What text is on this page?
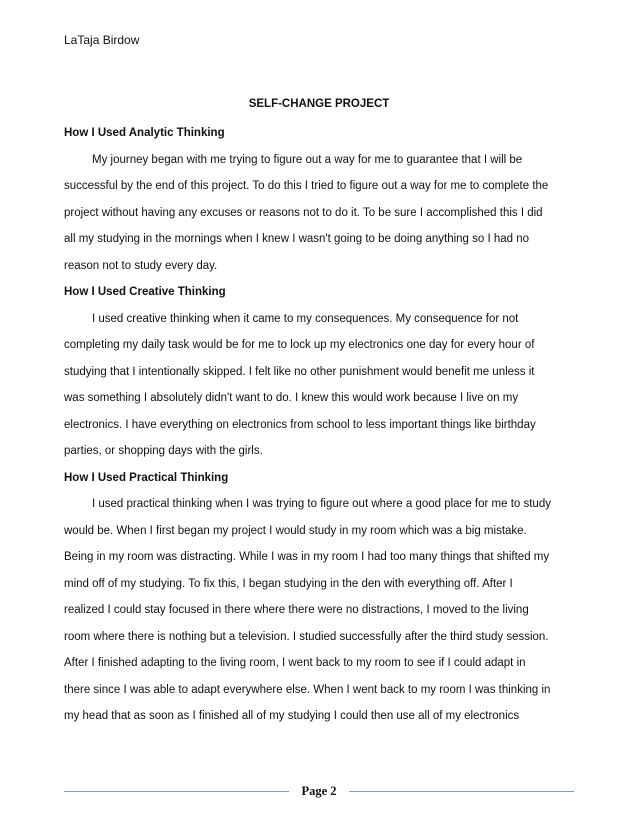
LaTaja Birdow
SELF-CHANGE PROJECT
How I Used Analytic Thinking
My journey began with me trying to figure out a way for me to guarantee that I will be
successful by the end of this project. To do this I tried to figure out a way for me to complete the
project without having any excuses or reasons not to do it. To be sure I accomplished this I did
all my studying in the mornings when I knew I wasn't going to be doing anything so I had no
reason not to study every day.
How I Used Creative Thinking
I used creative thinking when it came to my consequences. My consequence for not
completing my daily task would be for me to lock up my electronics one day for every hour of
studying that I intentionally skipped. I felt like no other punishment would benefit me unless it
was something I absolutely didn't want to do. I knew this would work because I live on my
electronics. I have everything on electronics from school to less important things like birthday
parties, or shopping days with the girls.
How I Used Practical Thinking
I used practical thinking when I was trying to figure out where a good place for me to study
would be. When I first began my project I would study in my room which was a big mistake.
Being in my room was distracting. While I was in my room I had too many things that shifted my
mind off of my studying. To fix this, I began studying in the den with everything off. After I
realized I could stay focused in there where there were no distractions, I moved to the living
room where there is nothing but a television. I studied successfully after the third study session.
After I finished adapting to the living room, I went back to my room to see if I could adapt in
there since I was able to adapt everywhere else. When I went back to my room I was thinking in
my head that as soon as I finished all of my studying I could then use all of my electronics
Page 2
